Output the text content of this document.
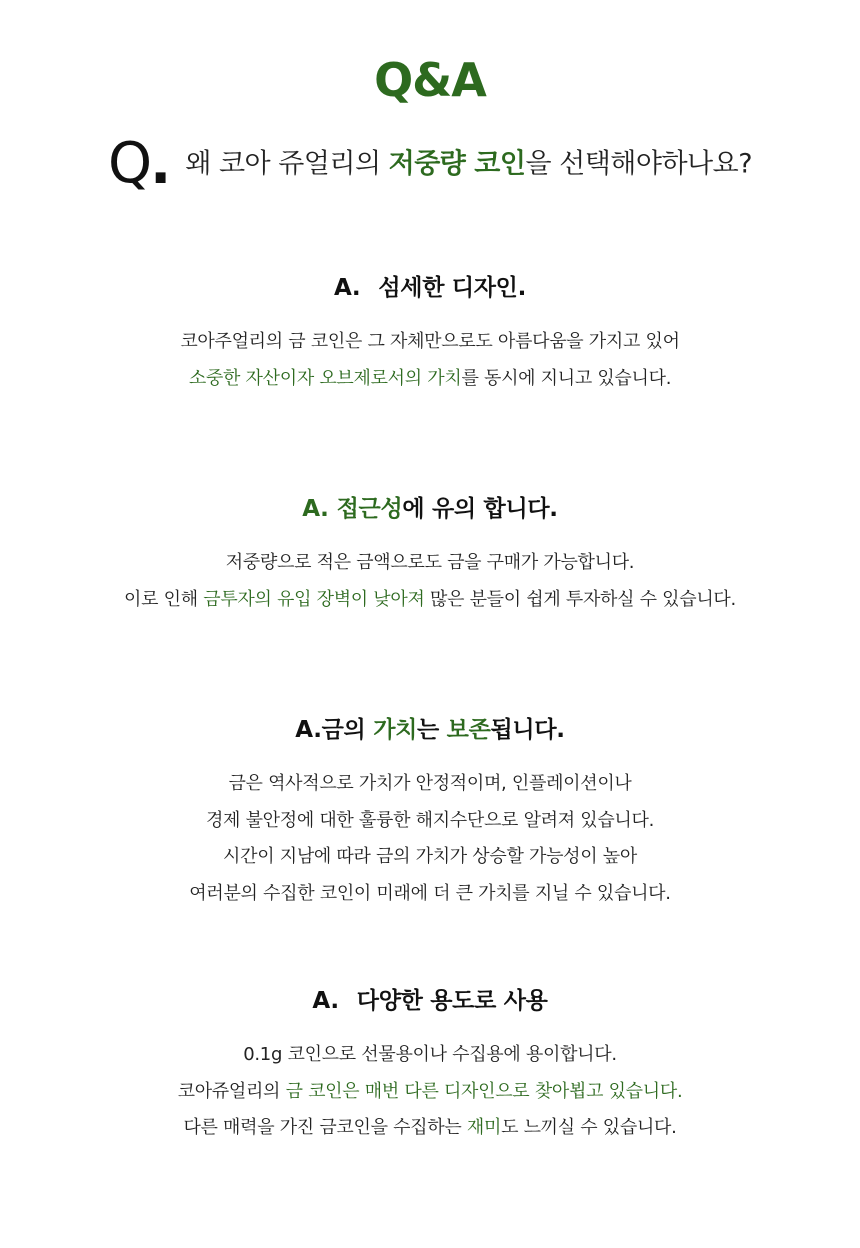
Q&A
Q. 왜 코아 쥬얼리의 저중량 코인을 선택해야하나요?
A. 섬세한 디자인.
코아주얼리의 금 코인은 그 자체만으로도 아름다움을 가지고 있어
소중한 자산이자 오브제로서의 가치를 동시에 지니고 있습니다.
A. 접근성에 유의 합니다.
저중량으로 적은 금액으로도 금을 구매가 가능합니다.
이로 인해 금투자의 유입 장벽이 낮아져 많은 분들이 쉽게 투자하실 수 있습니다.
A.금의 가치는 보존됩니다.
금은 역사적으로 가치가 안정적이며, 인플레이션이나
경제 불안정에 대한 훌륭한 해지수단으로 알려져 있습니다.
시간이 지남에 따라 금의 가치가 상승할 가능성이 높아
여러분의 수집한 코인이 미래에 더 큰 가치를 지닐 수 있습니다.
A. 다양한 용도로 사용
0.1g 코인으로 선물용이나 수집용에 용이합니다.
코아쥬얼리의 금 코인은 매번 다른 디자인으로 찾아뵙고 있습니다.
다른 매력을 가진 금코인을 수집하는 재미도 느끼실 수 있습니다.
